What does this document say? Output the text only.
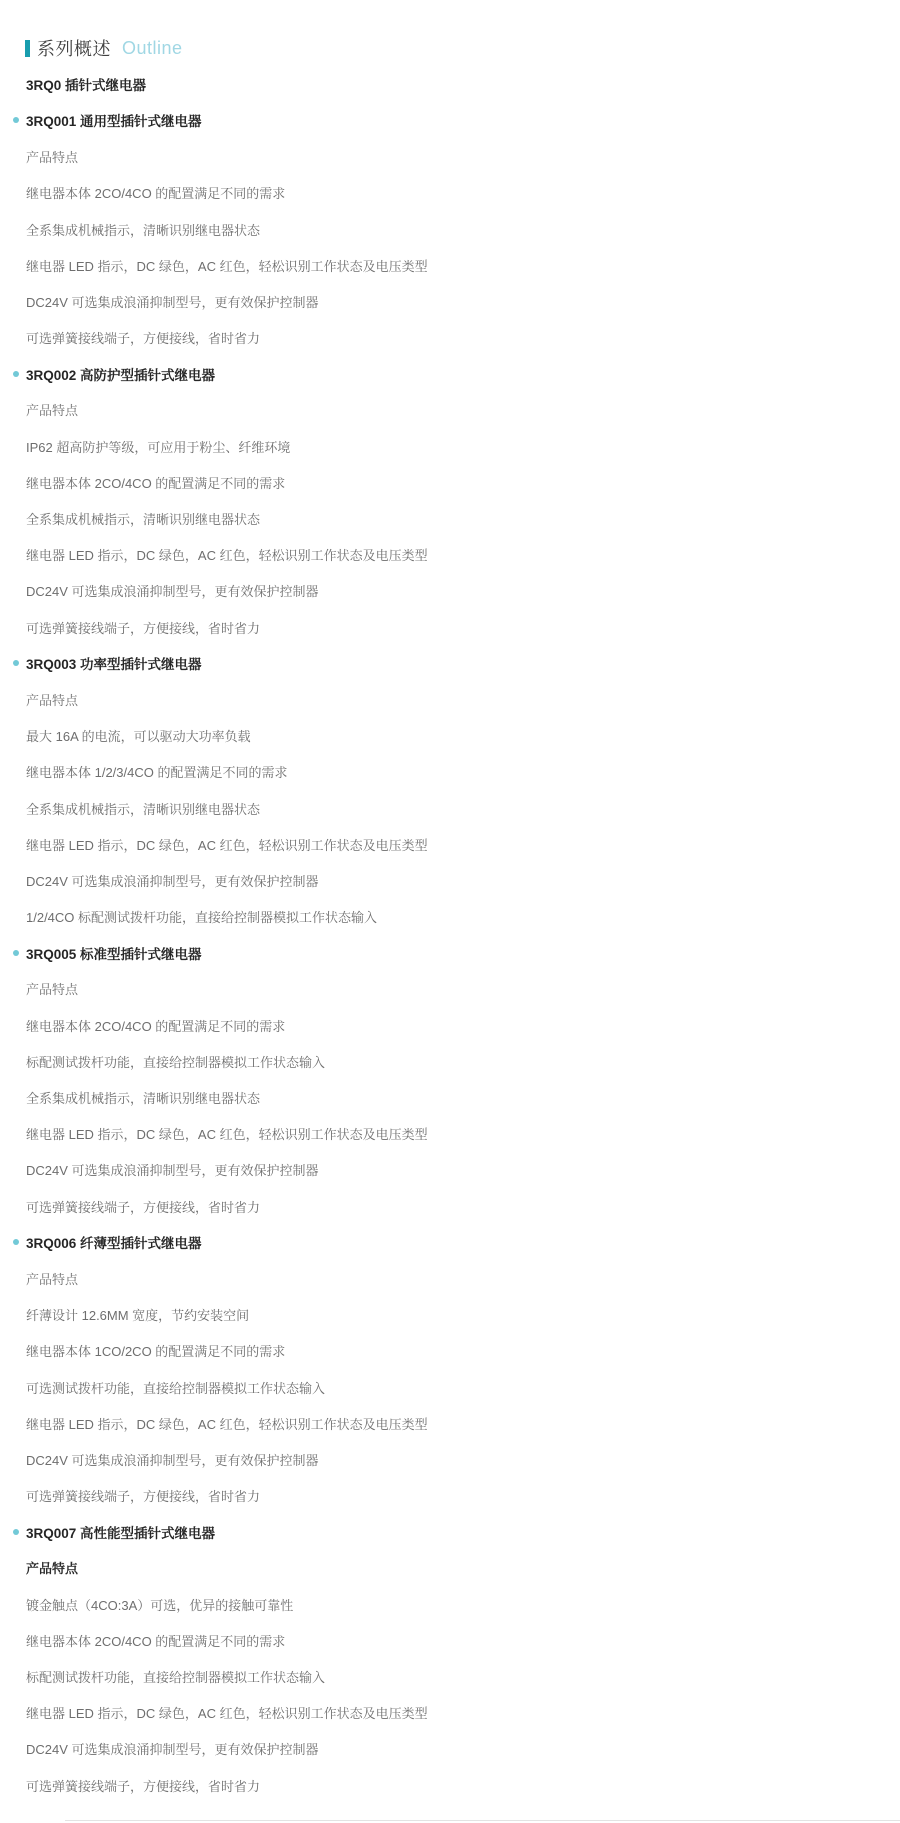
系列概述 Outline
3RQ0 插针式继电器
3RQ001 通用型插针式继电器
产品特点
继电器本体 2CO/4CO 的配置满足不同的需求
全系集成机械指示，清晰识别继电器状态
继电器 LED 指示，DC 绿色，AC 红色，轻松识别工作状态及电压类型
DC24V 可选集成浪涌抑制型号，更有效保护控制器
可选弹簧接线端子，方便接线，省时省力
3RQ002 高防护型插针式继电器
产品特点
IP62 超高防护等级，可应用于粉尘、纤维环境
继电器本体 2CO/4CO 的配置满足不同的需求
全系集成机械指示，清晰识别继电器状态
继电器 LED 指示，DC 绿色，AC 红色，轻松识别工作状态及电压类型
DC24V 可选集成浪涌抑制型号，更有效保护控制器
可选弹簧接线端子，方便接线，省时省力
3RQ003 功率型插针式继电器
产品特点
最大 16A 的电流，可以驱动大功率负载
继电器本体 1/2/3/4CO 的配置满足不同的需求
全系集成机械指示，清晰识别继电器状态
继电器 LED 指示，DC 绿色，AC 红色，轻松识别工作状态及电压类型
DC24V 可选集成浪涌抑制型号，更有效保护控制器
1/2/4CO 标配测试拨杆功能，直接给控制器模拟工作状态输入
3RQ005 标准型插针式继电器
产品特点
继电器本体 2CO/4CO 的配置满足不同的需求
标配测试拨杆功能，直接给控制器模拟工作状态输入
全系集成机械指示，清晰识别继电器状态
继电器 LED 指示，DC 绿色，AC 红色，轻松识别工作状态及电压类型
DC24V 可选集成浪涌抑制型号，更有效保护控制器
可选弹簧接线端子，方便接线，省时省力
3RQ006 纤薄型插针式继电器
产品特点
纤薄设计 12.6MM 宽度，节约安装空间
继电器本体 1CO/2CO 的配置满足不同的需求
可选测试拨杆功能，直接给控制器模拟工作状态输入
继电器 LED 指示，DC 绿色，AC 红色，轻松识别工作状态及电压类型
DC24V 可选集成浪涌抑制型号，更有效保护控制器
可选弹簧接线端子，方便接线，省时省力
3RQ007 高性能型插针式继电器
产品特点
镀金触点（4CO:3A）可选，优异的接触可靠性
继电器本体 2CO/4CO 的配置满足不同的需求
标配测试拨杆功能，直接给控制器模拟工作状态输入
继电器 LED 指示，DC 绿色，AC 红色，轻松识别工作状态及电压类型
DC24V 可选集成浪涌抑制型号，更有效保护控制器
可选弹簧接线端子，方便接线，省时省力
